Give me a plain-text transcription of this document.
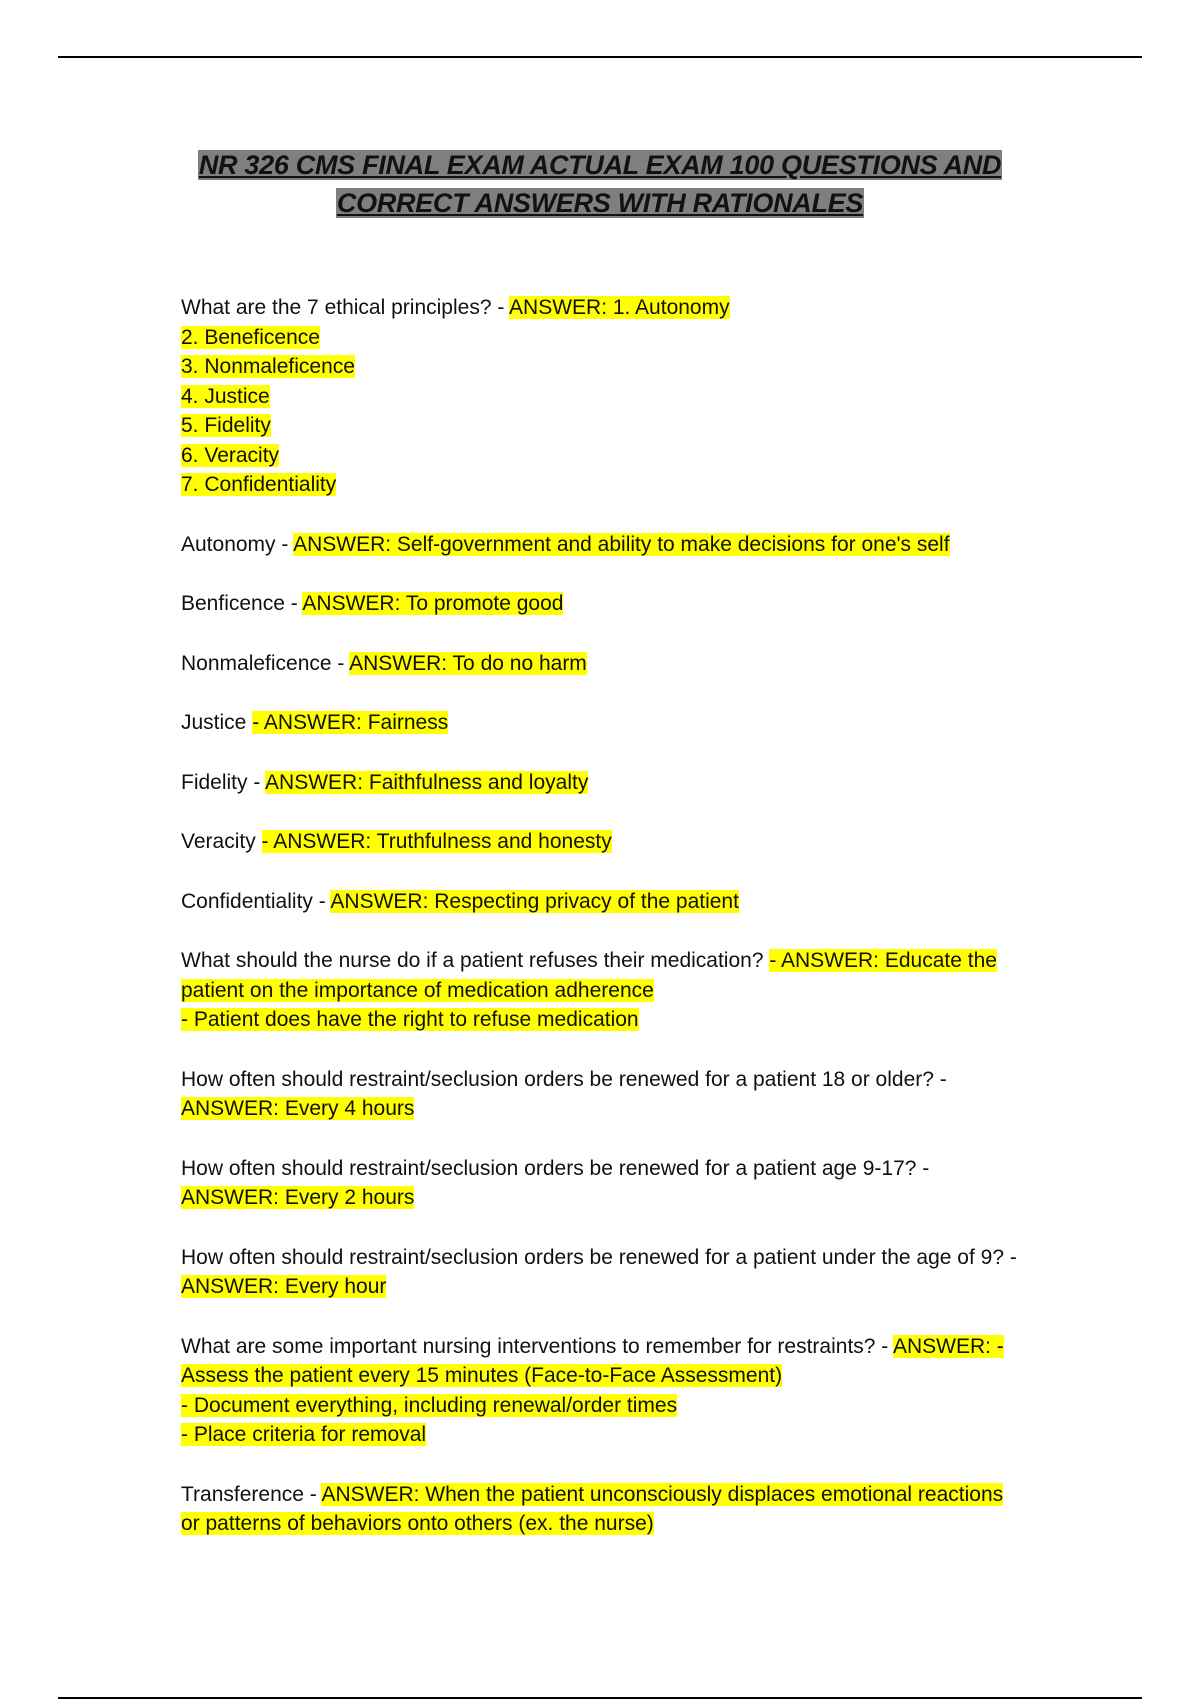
NR 326 CMS FINAL EXAM ACTUAL EXAM 100 QUESTIONS AND
CORRECT ANSWERS WITH RATIONALES
What are the 7 ethical principles? - ANSWER: 1. Autonomy
2. Beneficence
3. Nonmaleficence
4. Justice
5. Fidelity
6. Veracity
7. Confidentiality
Autonomy - ANSWER: Self-government and ability to make decisions for one's self
Benficence - ANSWER: To promote good
Nonmaleficence - ANSWER: To do no harm
Justice - ANSWER: Fairness
Fidelity - ANSWER: Faithfulness and loyalty
Veracity - ANSWER: Truthfulness and honesty
Confidentiality - ANSWER: Respecting privacy of the patient
What should the nurse do if a patient refuses their medication? - ANSWER: Educate the patient on the importance of medication adherence
- Patient does have the right to refuse medication
How often should restraint/seclusion orders be renewed for a patient 18 or older? - ANSWER: Every 4 hours
How often should restraint/seclusion orders be renewed for a patient age 9-17? - ANSWER: Every 2 hours
How often should restraint/seclusion orders be renewed for a patient under the age of 9? - ANSWER: Every hour
What are some important nursing interventions to remember for restraints? - ANSWER: - Assess the patient every 15 minutes (Face-to-Face Assessment)
- Document everything, including renewal/order times
- Place criteria for removal
Transference - ANSWER: When the patient unconsciously displaces emotional reactions or patterns of behaviors onto others (ex. the nurse)
